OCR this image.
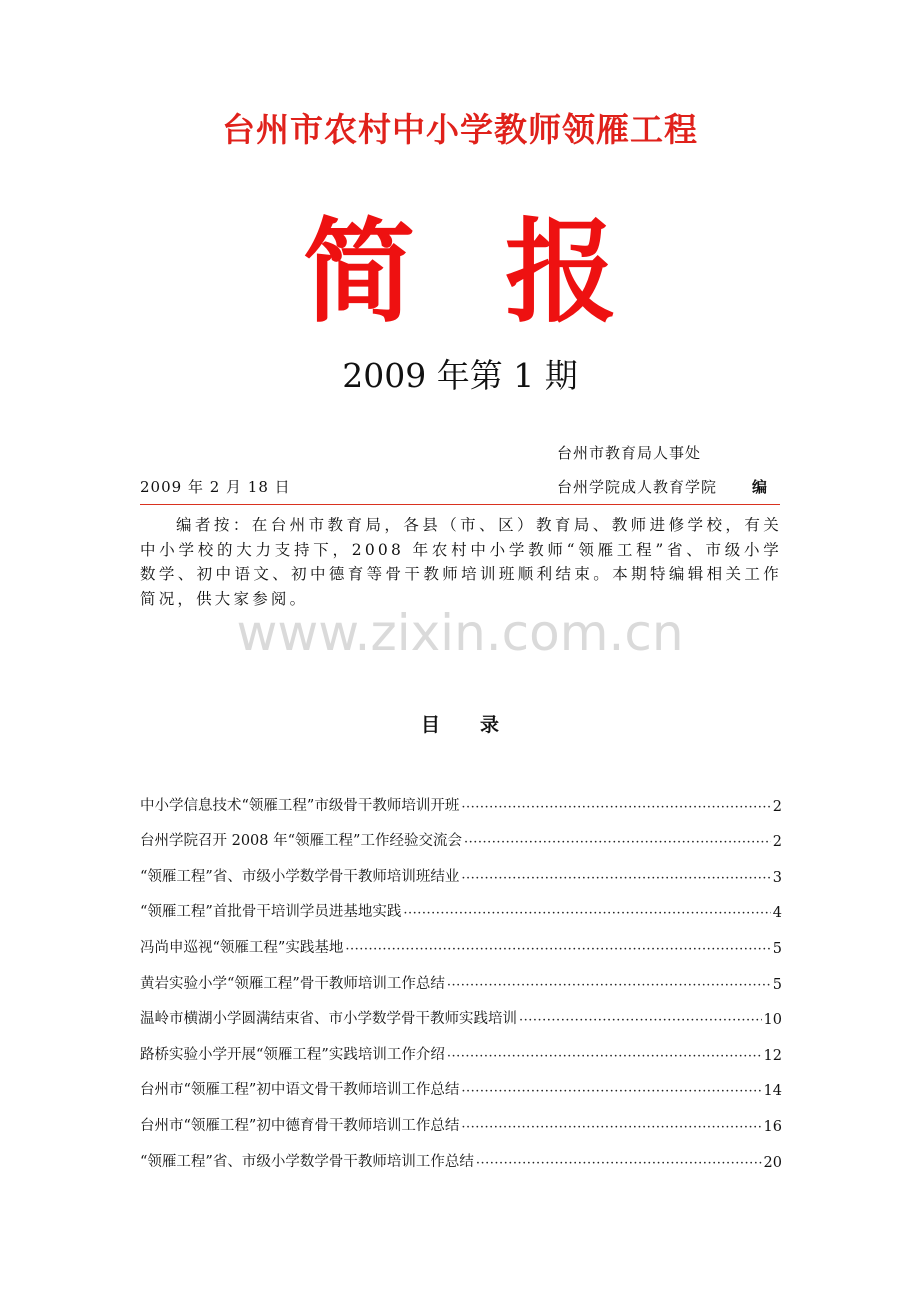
台州市农村中小学教师领雁工程
简报
2009 年第 1 期
台州市教育局人事处
2009 年 2 月 18 日	台州学院成人教育学院 编

编者按：在台州市教育局，各县（市、区）教育局、教师进修学校，有关中小学校的大力支持下，2008 年农村中小学教师“领雁工程”省、市级小学数学、初中语文、初中德育等骨干教师培训班顺利结束。本期特编辑相关工作简况，供大家参阅。

www.zixin.com.cn
目录
中小学信息技术“领雁工程”市级骨干教师培训开班 ·····	2
台州学院召开 2008 年“领雁工程”工作经验交流会 ·····	2
“领雁工程”省、市级小学数学骨干教师培训班结业 ·····	3
“领雁工程”首批骨干培训学员进基地实践 ·····	4
冯尚申巡视“领雁工程”实践基地 ·····	5
黄岩实验小学“领雁工程”骨干教师培训工作总结 ·····	5
温岭市横湖小学圆满结束省、市小学数学骨干教师实践培训 ·····	10
路桥实验小学开展“领雁工程”实践培训工作介绍 ·····	12
台州市“领雁工程”初中语文骨干教师培训工作总结 ·····	14
台州市“领雁工程”初中德育骨干教师培训工作总结 ·····	16
“领雁工程”省、市级小学数学骨干教师培训工作总结 ·····	20
